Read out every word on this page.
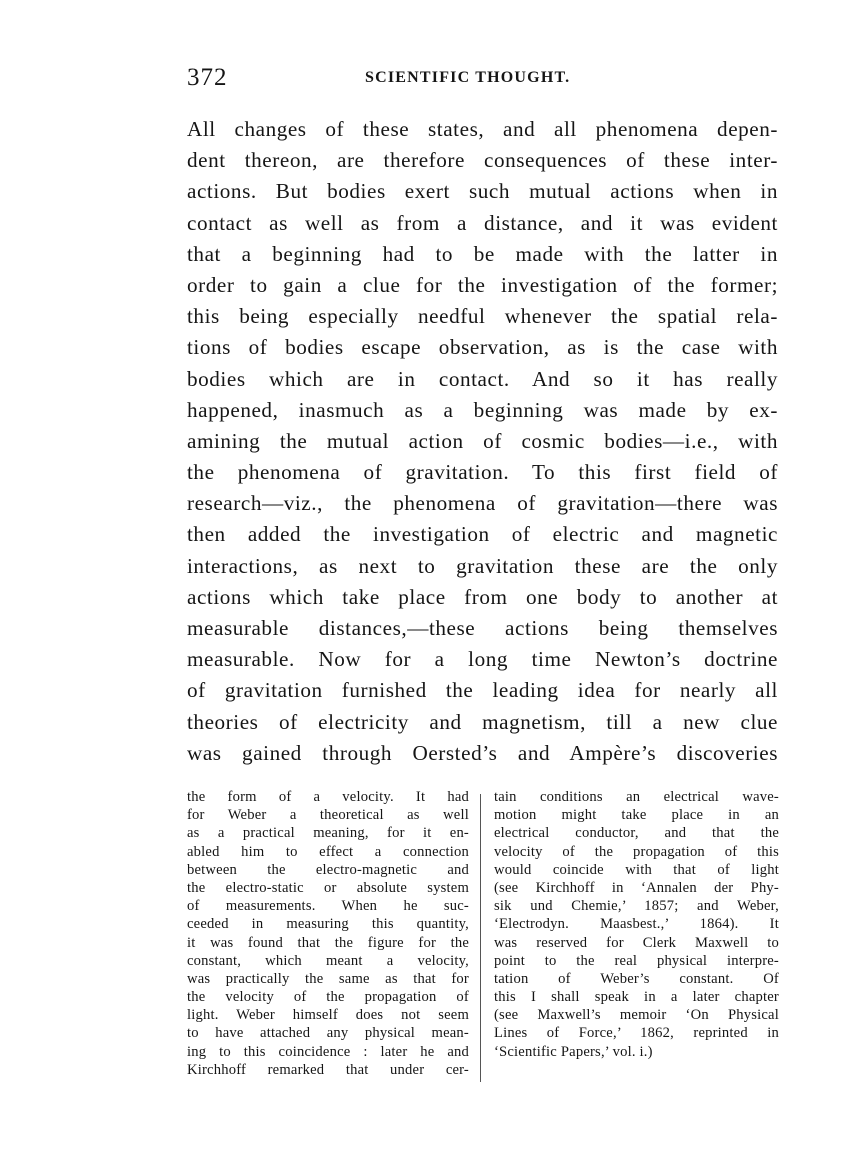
372	SCIENTIFIC THOUGHT.
All changes of these states, and all phenomena depen-
dent thereon, are therefore consequences of these inter-
actions. But bodies exert such mutual actions when in
contact as well as from a distance, and it was evident
that a beginning had to be made with the latter in
order to gain a clue for the investigation of the former;
this being especially needful whenever the spatial rela-
tions of bodies escape observation, as is the case with
bodies which are in contact. And so it has really
happened, inasmuch as a beginning was made by ex-
amining the mutual action of cosmic bodies—i.e., with
the phenomena of gravitation. To this first field of
research—viz., the phenomena of gravitation—there was
then added the investigation of electric and magnetic
interactions, as next to gravitation these are the only
actions which take place from one body to another at
measurable distances,—these actions being themselves
measurable. Now for a long time Newton’s doctrine
of gravitation furnished the leading idea for nearly all
theories of electricity and magnetism, till a new clue
was gained through Oersted’s and Ampère’s discoveries
the form of a velocity. It had
for Weber a theoretical as well
as a practical meaning, for it en-
abled him to effect a connection
between the electro-magnetic and
the electro-static or absolute system
of measurements. When he suc-
ceeded in measuring this quantity,
it was found that the figure for the
constant, which meant a velocity,
was practically the same as that for
the velocity of the propagation of
light. Weber himself does not seem
to have attached any physical mean-
ing to this coincidence : later he and
Kirchhoff remarked that under cer-
tain conditions an electrical wave-
motion might take place in an
electrical conductor, and that the
velocity of the propagation of this
would coincide with that of light
(see Kirchhoff in ‘Annalen der Phy-
sik und Chemie,’ 1857; and Weber,
‘Electrodyn. Maasbest.,’ 1864). It
was reserved for Clerk Maxwell to
point to the real physical interpre-
tation of Weber’s constant. Of
this I shall speak in a later chapter
(see Maxwell’s memoir ‘On Physical
Lines of Force,’ 1862, reprinted in
‘Scientific Papers,’ vol. i.)
